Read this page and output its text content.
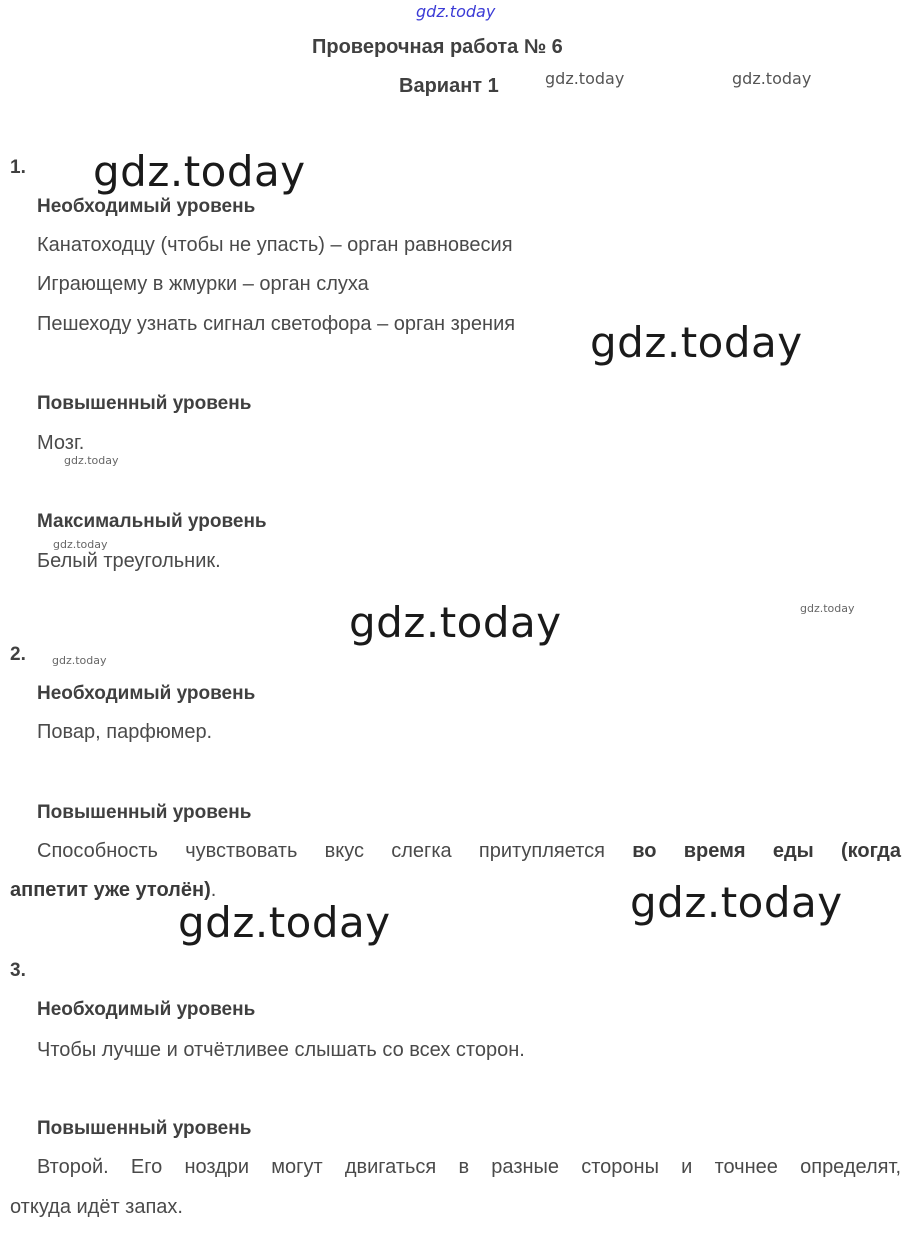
gdz.today
gdz.today	gdz.today
gdz.today
gdz.today
gdz.today
gdz.today
gdz.today	gdz.today
gdz.today
gdz.today
gdz.today
Проверочная работа № 6
Вариант 1
1.
Необходимый уровень
Канатоходцу (чтобы не упасть) – орган равновесия
Играющему в жмурки – орган слуха
Пешеходу узнать сигнал светофора – орган зрения
Повышенный уровень
Мозг.
Максимальный уровень
Белый треугольник.
2.
Необходимый уровень
Повар, парфюмер.
Повышенный уровень
Способность чувствовать вкус слегка притупляется во время еды (когда
аппетит уже утолён).
3.
Необходимый уровень
Чтобы лучше и отчётливее слышать со всех сторон.
Повышенный уровень
Второй. Его ноздри могут двигаться в разные стороны и точнее определят,
откуда идёт запах.
